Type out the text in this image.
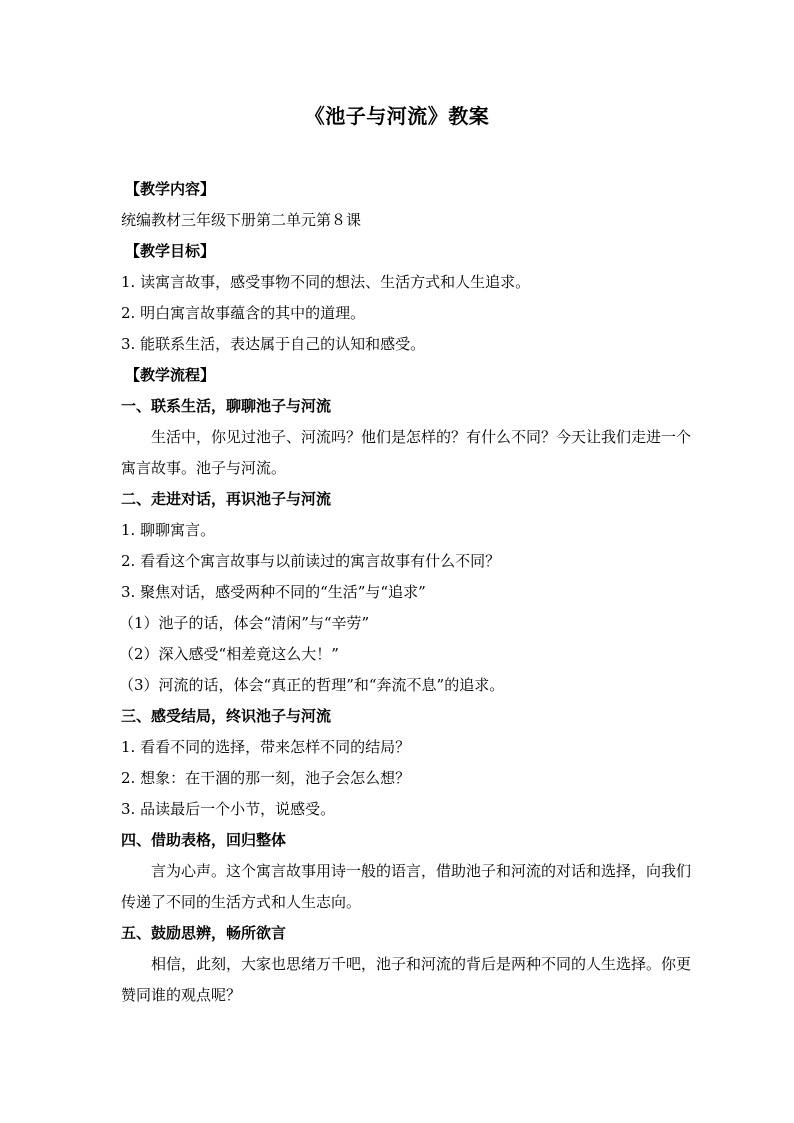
《池子与河流》教案

【教学内容】

统编教材三年级下册第二单元第８课

【教学目标】

1. 读寓言故事，感受事物不同的想法、生活方式和人生追求。

2. 明白寓言故事蕴含的其中的道理。

3. 能联系生活，表达属于自己的认知和感受。

【教学流程】

一、联系生活，聊聊池子与河流

生活中，你见过池子、河流吗？他们是怎样的？有什么不同？今天让我们走进一个寓言故事。池子与河流。

二、走进对话，再识池子与河流

1. 聊聊寓言。

2. 看看这个寓言故事与以前读过的寓言故事有什么不同？

3. 聚焦对话，感受两种不同的“生活”与“追求”

（1）池子的话，体会“清闲”与“辛劳”

（2）深入感受“相差竟这么大！”

（3）河流的话，体会“真正的哲理”和“奔流不息”的追求。

三、感受结局，终识池子与河流

1. 看看不同的选择，带来怎样不同的结局？

2. 想象：在干涸的那一刻，池子会怎么想？

3. 品读最后一个小节，说感受。

四、借助表格，回归整体

言为心声。这个寓言故事用诗一般的语言，借助池子和河流的对话和选择，向我们传递了不同的生活方式和人生志向。

五、鼓励思辨，畅所欲言

相信，此刻，大家也思绪万千吧，池子和河流的背后是两种不同的人生选择。你更赞同谁的观点呢？
